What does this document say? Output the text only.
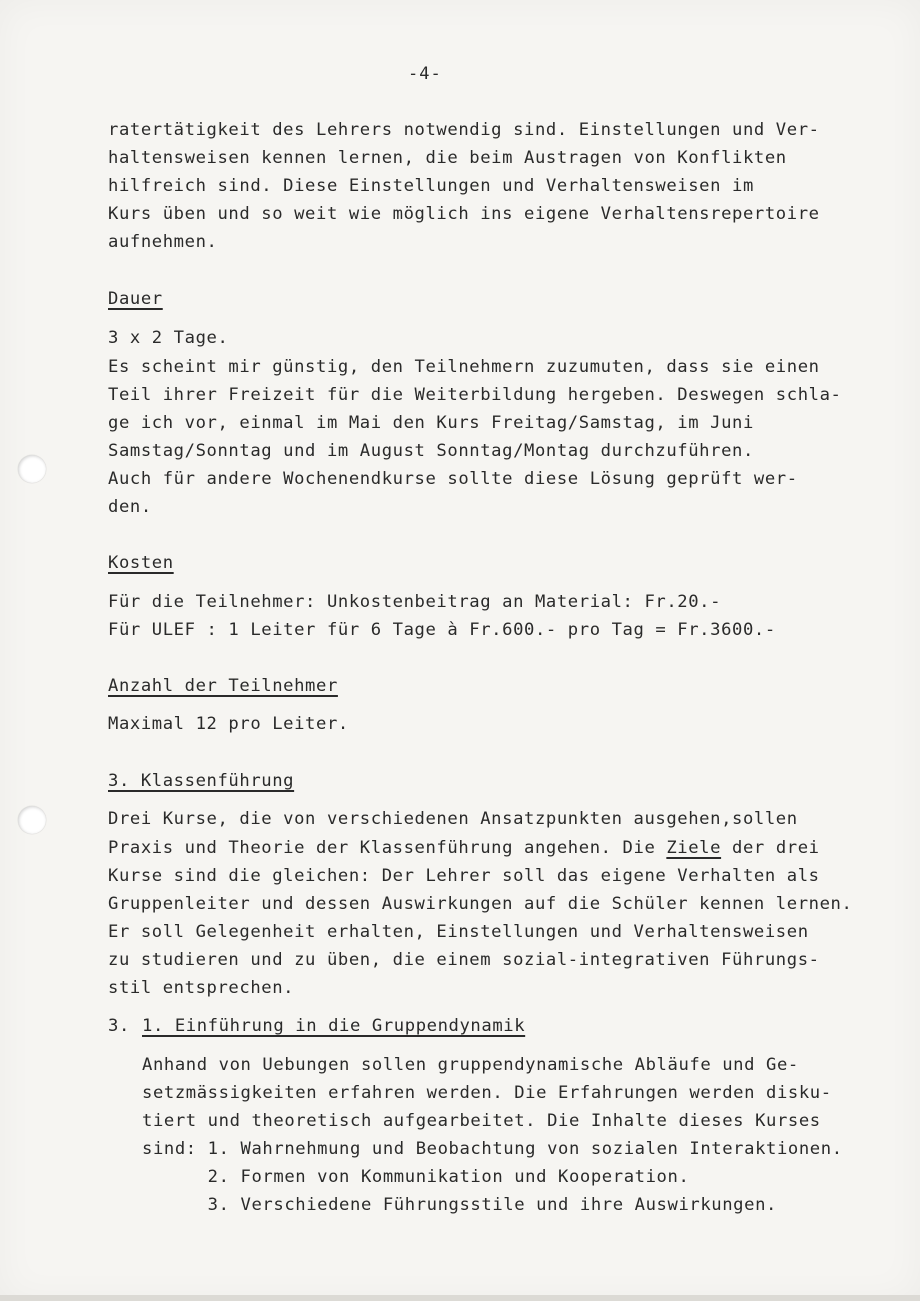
-4-
ratertätigkeit des Lehrers notwendig sind. Einstellungen und Ver-
haltensweisen kennen lernen, die beim Austragen von Konflikten
hilfreich sind. Diese Einstellungen und Verhaltensweisen im
Kurs üben und so weit wie möglich ins eigene Verhaltensrepertoire
aufnehmen.
Dauer
3 x 2 Tage.
Es scheint mir günstig, den Teilnehmern zuzumuten, dass sie einen
Teil ihrer Freizeit für die Weiterbildung hergeben. Deswegen schla-
ge ich vor, einmal im Mai den Kurs Freitag/Samstag, im Juni
Samstag/Sonntag und im August Sonntag/Montag durchzuführen.
Auch für andere Wochenendkurse sollte diese Lösung geprüft wer-
den.
Kosten
Für die Teilnehmer: Unkostenbeitrag an Material: Fr.20.-
Für ULEF : 1 Leiter für 6 Tage à Fr.600.- pro Tag = Fr.3600.-
Anzahl der Teilnehmer
Maximal 12 pro Leiter.
3. Klassenführung
Drei Kurse, die von verschiedenen Ansatzpunkten ausgehen,sollen
Praxis und Theorie der Klassenführung angehen. Die Ziele der drei
Kurse sind die gleichen: Der Lehrer soll das eigene Verhalten als
Gruppenleiter und dessen Auswirkungen auf die Schüler kennen lernen.
Er soll Gelegenheit erhalten, Einstellungen und Verhaltensweisen
zu studieren und zu üben, die einem sozial-integrativen Führungs-
stil entsprechen.
3. 1. Einführung in die Gruppendynamik
Anhand von Uebungen sollen gruppendynamische Abläufe und Ge-
setzmässigkeiten erfahren werden. Die Erfahrungen werden disku-
tiert und theoretisch aufgearbeitet. Die Inhalte dieses Kurses
sind: 1. Wahrnehmung und Beobachtung von sozialen Interaktionen.
2. Formen von Kommunikation und Kooperation.
3. Verschiedene Führungsstile und ihre Auswirkungen.
